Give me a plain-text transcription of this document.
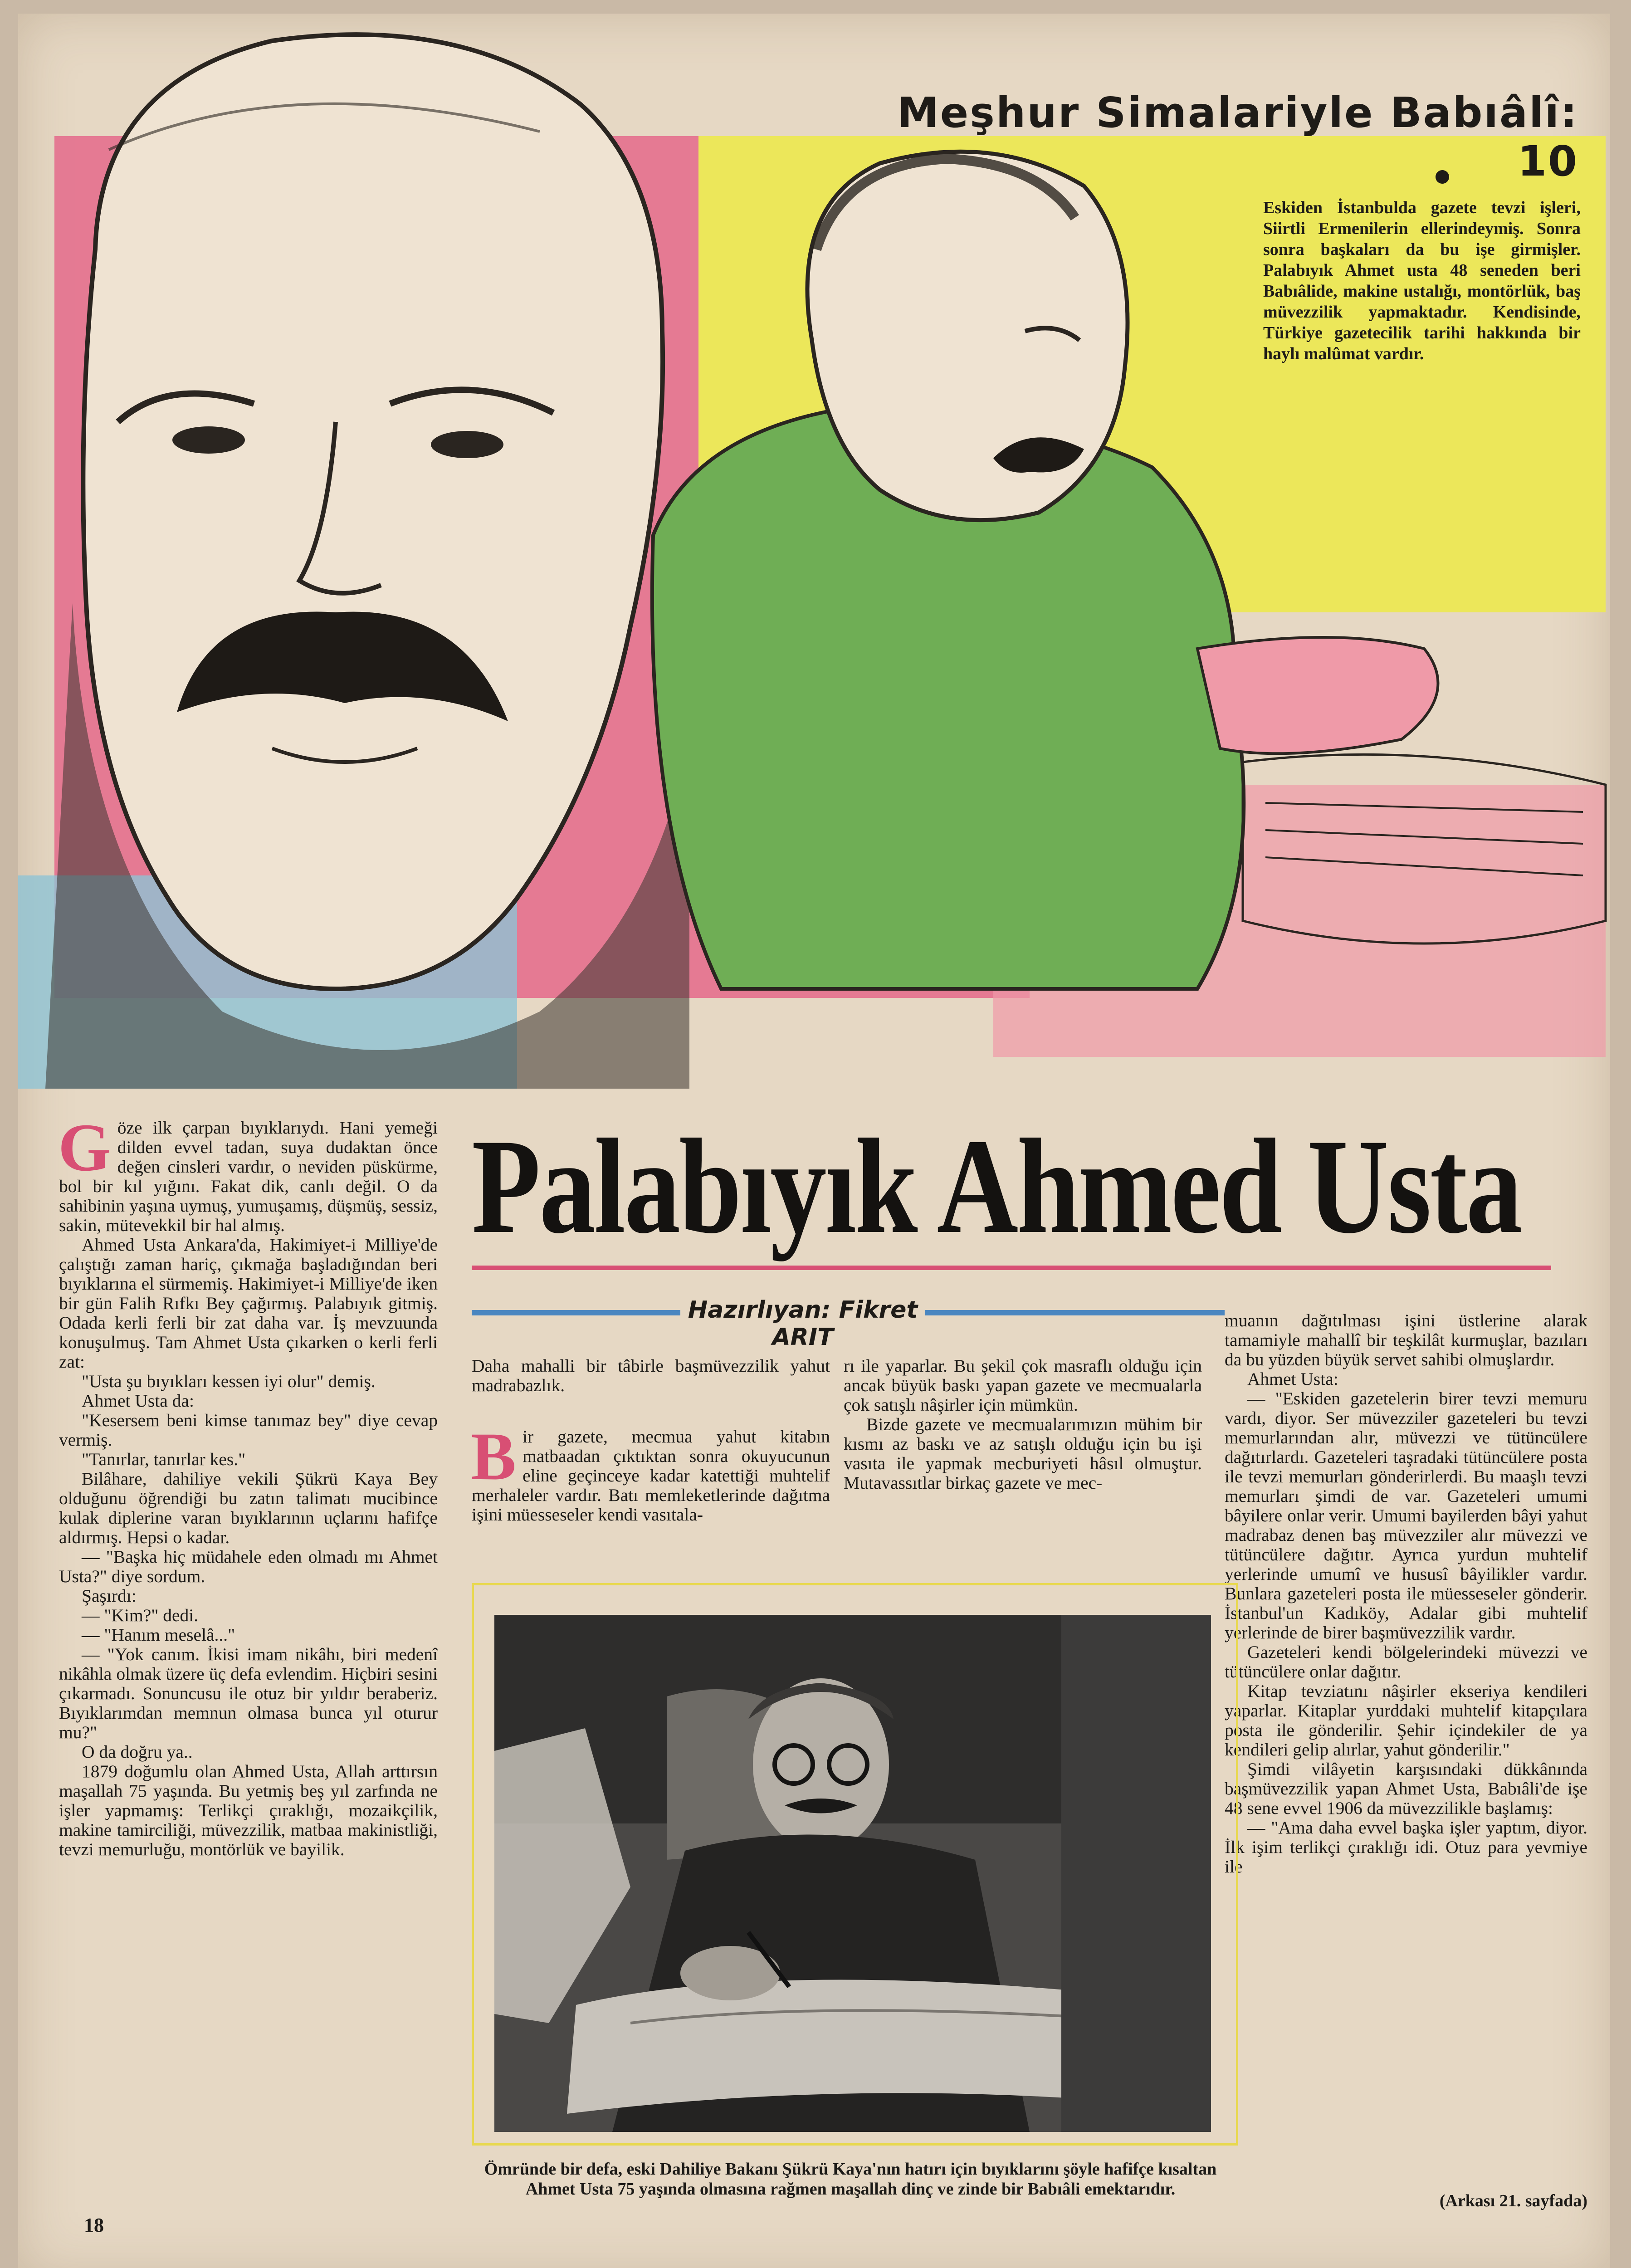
Meşhur Simalariyle Babıâlî: 10
Eskiden İstanbulda gazete tevzi işleri, Siirtli Ermenilerin ellerindeymiş. Sonra sonra başkaları da bu işe girmişler. Palabıyık Ahmet usta 48 seneden beri Babıâlide, makine ustalığı, montörlük, baş müvezzilik yapmaktadır. Kendisinde, Türkiye gazetecilik tarihi hakkında bir haylı malûmat vardır.
Palabıyık Ahmed Usta
Hazırlıyan: Fikret ARIT

Göze ilk çarpan bıyıklarıydı. Hani yemeği dilden evvel tadan, suya dudaktan önce değen cinsleri vardır, o neviden püskürme, bol bir kıl yığını. Fakat dik, canlı değil. O da sahibinin yaşına uymuş, yumuşamış, düşmüş, sessiz, sakin, mütevekkil bir hal almış.

Ahmed Usta Ankara'da, Hakimiyet-i Milliye'de çalıştığı zaman hariç, çıkmağa başladığından beri bıyıklarına el sürmemiş. Hakimiyet-i Milliye'de iken bir gün Falih Rıfkı Bey çağırmış. Palabıyık gitmiş. Odada kerli ferli bir zat daha var. İş mevzuunda konuşulmuş. Tam Ahmet Usta çıkarken o kerli ferli zat:

"Usta şu bıyıkları kessen iyi olur" demiş.

Ahmet Usta da:

"Kesersem beni kimse tanımaz bey" diye cevap vermiş.

"Tanırlar, tanırlar kes."

Bilâhare, dahiliye vekili Şükrü Kaya Bey olduğunu öğrendiği bu zatın talimatı mucibince kulak diplerine varan bıyıklarının uçlarını hafifçe aldırmış. Hepsi o kadar.

— "Başka hiç müdahele eden olmadı mı Ahmet Usta?" diye sordum.

Şaşırdı:

— "Kim?" dedi.

— "Hanım meselâ..."

— "Yok canım. İkisi imam nikâhı, biri medenî nikâhla olmak üzere üç defa evlendim. Hiçbiri sesini çıkarmadı. Sonuncusu ile otuz bir yıldır beraberiz. Bıyıklarımdan memnun olmasa bunca yıl oturur mu?"

O da doğru ya..

1879 doğumlu olan Ahmed Usta, Allah arttırsın maşallah 75 yaşında. Bu yetmiş beş yıl zarfında ne işler yapmamış: Terlikçi çıraklığı, mozaikçilik, makine tamirciliği, müvezzilik, matbaa makinistliği, tevzi memurluğu, montörlük ve bayilik.

Daha mahalli bir tâbirle başmüvezzilik yahut madrabazlık.

Bir gazete, mecmua yahut kitabın matbaadan çıktıktan sonra okuyucunun eline geçinceye kadar katettiği muhtelif merhaleler vardır. Batı memleketlerinde dağıtma işini müesseseler kendi vasıtala-

rı ile yaparlar. Bu şekil çok masraflı olduğu için ancak büyük baskı yapan gazete ve mecmualarla çok satışlı nâşirler için mümkün.

Bizde gazete ve mecmualarımızın mühim bir kısmı az baskı ve az satışlı olduğu için bu işi vasıta ile yapmak mecburiyeti hâsıl olmuştur. Mutavassıtlar birkaç gazete ve mec-

muanın dağıtılması işini üstlerine alarak tamamiyle mahallî bir teşkilât kurmuşlar, bazıları da bu yüzden büyük servet sahibi olmuşlardır.

Ahmet Usta:

— "Eskiden gazetelerin birer tevzi memuru vardı, diyor. Ser müvezziler gazeteleri bu tevzi memurlarından alır, müvezzi ve tütüncülere dağıtırlardı. Gazeteleri taşradaki tütüncülere posta ile tevzi memurları gönderirlerdi. Bu maaşlı tevzi memurları şimdi de var. Gazeteleri umumi bâyilere onlar verir. Umumi bayilerden bâyi yahut madrabaz denen baş müvezziler alır müvezzi ve tütüncülere dağıtır. Ayrıca yurdun muhtelif yerlerinde umumî ve hususî bâyilikler vardır. Bunlara gazeteleri posta ile müesseseler gönderir. İstanbul'un Kadıköy, Adalar gibi muhtelif yerlerinde de birer başmüvezzilik vardır.

Gazeteleri kendi bölgelerindeki müvezzi ve tütüncülere onlar dağıtır.

Kitap tevziatını nâşirler ekseriya kendileri yaparlar. Kitaplar yurddaki muhtelif kitapçılara posta ile gönderilir. Şehir içindekiler de ya kendileri gelip alırlar, yahut gönderilir."

Şimdi vilâyetin karşısındaki dükkânında başmüvezzilik yapan Ahmet Usta, Babıâli'de işe 48 sene evvel 1906 da müvezzilikle başlamış:

— "Ama daha evvel başka işler yaptım, diyor. İlk işim terlikçi çıraklığı idi. Otuz para yevmiye ile

Ömründe bir defa, eski Dahiliye Bakanı Şükrü Kaya'nın hatırı için bıyıklarını şöyle hafifçe kısaltan Ahmet Usta 75 yaşında olmasına rağmen maşallah dinç ve zinde bir Babıâli emektarıdır.
(Arkası 21. sayfada)
18
